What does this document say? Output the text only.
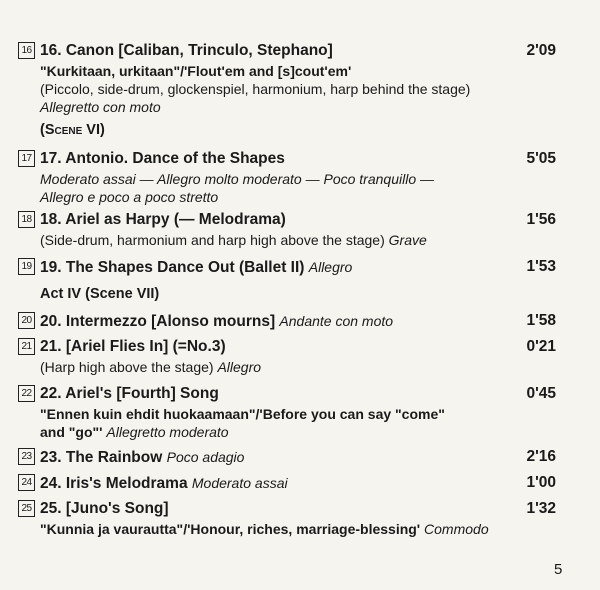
16 16. Canon [Caliban, Trinculo, Stephano]	2'09
"Kurkitaan, urkitaan"/'Flout'em and [s]cout'em'
(Piccolo, side-drum, glockenspiel, harmonium, harp behind the stage)
Allegretto con moto
(Scene VI)
17 17. Antonio. Dance of the Shapes	5'05
Moderato assai — Allegro molto moderato — Poco tranquillo —
Allegro e poco a poco stretto
18 18. Ariel as Harpy (— Melodrama)	1'56
(Side-drum, harmonium and harp high above the stage) Grave
19 19. The Shapes Dance Out (Ballet II) Allegro	1'53
Act IV (Scene VII)
20 20. Intermezzo [Alonso mourns] Andante con moto	1'58
21 21. [Ariel Flies In] (=No.3)	0'21
(Harp high above the stage) Allegro
22 22. Ariel's [Fourth] Song	0'45
"Ennen kuin ehdit huokaamaan"/'Before you can say "come"
and "go"' Allegretto moderato
23 23. The Rainbow Poco adagio	2'16
24 24. Iris's Melodrama Moderato assai	1'00
25 25. [Juno's Song]	1'32
"Kunnia ja vaurautta"/'Honour, riches, marriage-blessing' Commodo
5
